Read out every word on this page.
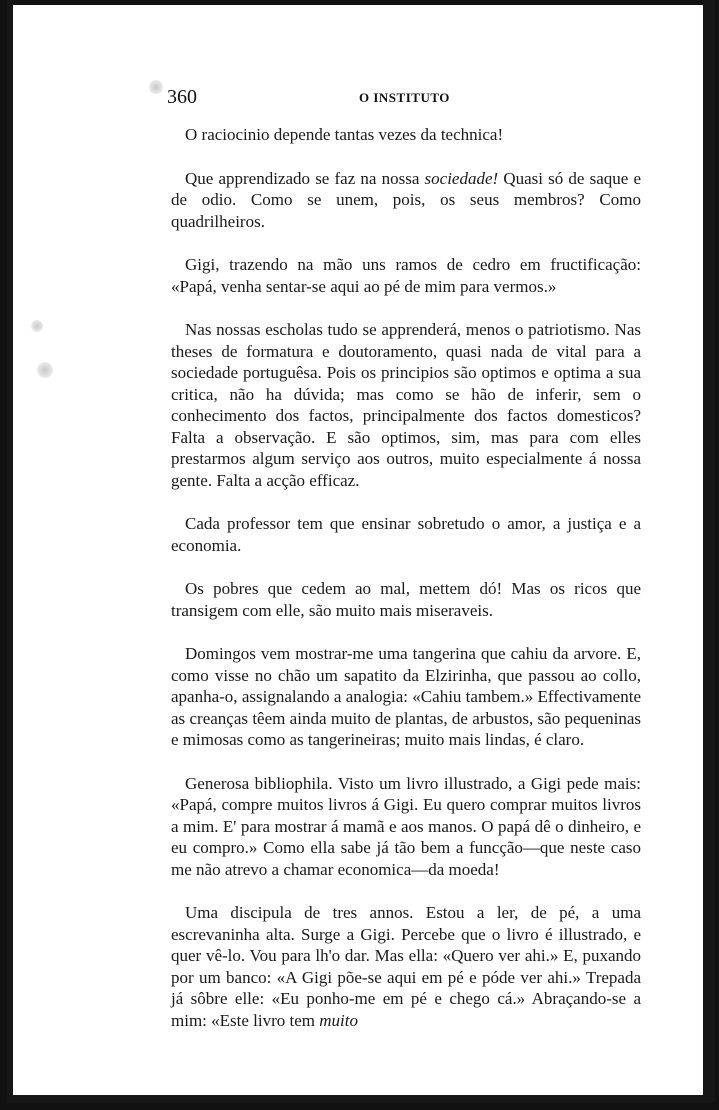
360	O INSTITUTO

O raciocinio depende tantas vezes da technica!

Que apprendizado se faz na nossa sociedade! Quasi só de saque e de odio. Como se unem, pois, os seus membros? Como quadrilheiros.

Gigi, trazendo na mão uns ramos de cedro em fructificação: «Papá, venha sentar-se aqui ao pé de mim para vermos.»

Nas nossas escholas tudo se apprenderá, menos o patriotismo. Nas theses de formatura e doutoramento, quasi nada de vital para a sociedade portuguêsa. Pois os principios são optimos e optima a sua critica, não ha dúvida; mas como se hão de inferir, sem o conhecimento dos factos, principalmente dos factos domesticos? Falta a observação. E são optimos, sim, mas para com elles prestarmos algum serviço aos outros, muito especialmente á nossa gente. Falta a acção efficaz.

Cada professor tem que ensinar sobretudo o amor, a justiça e a economia.

Os pobres que cedem ao mal, mettem dó! Mas os ricos que transigem com elle, são muito mais miseraveis.

Domingos vem mostrar-me uma tangerina que cahiu da arvore. E, como visse no chão um sapatito da Elzirinha, que passou ao collo, apanha-o, assignalando a analogia: «Cahiu tambem.» Effectivamente as creanças têem ainda muito de plantas, de arbustos, são pequeninas e mimosas como as tangerineiras; muito mais lindas, é claro.

Generosa bibliophila. Visto um livro illustrado, a Gigi pede mais: «Papá, compre muitos livros á Gigi. Eu quero comprar muitos livros a mim. E' para mostrar á mamã e aos manos. O papá dê o dinheiro, e eu compro.» Como ella sabe já tão bem a funcção—que neste caso me não atrevo a chamar economica—da moeda!

Uma discipula de tres annos. Estou a ler, de pé, a uma escrevaninha alta. Surge a Gigi. Percebe que o livro é illustrado, e quer vê-lo. Vou para lh'o dar. Mas ella: «Quero ver ahi.» E, puxando por um banco: «A Gigi põe-se aqui em pé e póde ver ahi.» Trepada já sôbre elle: «Eu ponho-me em pé e chego cá.» Abraçando-se a mim: «Este livro tem muito
